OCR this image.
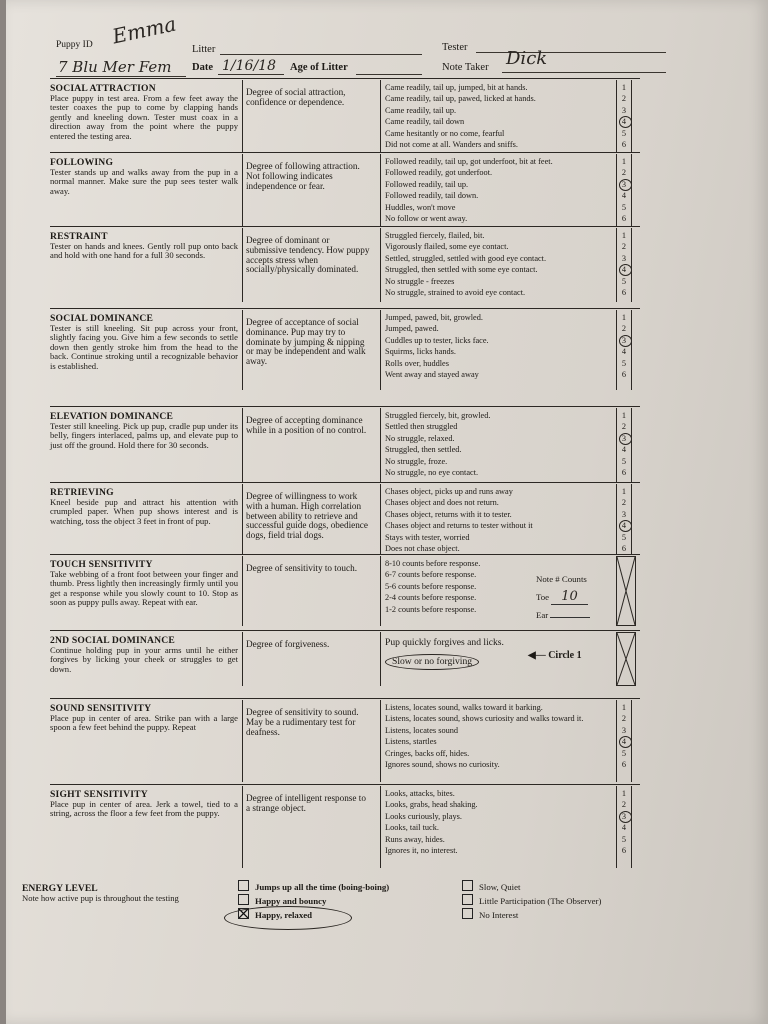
Puppy ID Emma
7 Blu Mer Fem
Litter
Date 1/16/18 Age of Litter
Tester
Note Taker Dick
SOCIAL ATTRACTION
Place puppy in test area. From a few feet away the tester coaxes the pup to come by clapping hands gently and kneeling down. Tester must coax in a direction away from the point where the puppy entered the testing area.
Degree of social attraction, confidence or dependence.
Came readily, tail up, jumped, bit at hands.
Came readily, tail up, pawed, licked at hands.
Came readily, tail up.
Came readily, tail down
Came hesitantly or no come, fearful
Did not come at all. Wanders and sniffs.
1
2
3
4
5
6
FOLLOWING
Tester stands up and walks away from the pup in a normal manner. Make sure the pup sees tester walk away.
Degree of following attraction. Not following indicates independence or fear.
Followed readily, tail up, got underfoot, bit at feet.
Followed readily, got underfoot.
Followed readily, tail up.
Followed readily, tail down.
Huddles, won't move
No follow or went away.
1
2
3
4
5
6
RESTRAINT
Tester on hands and knees. Gently roll pup onto back and hold with one hand for a full 30 seconds.
Degree of dominant or submissive tendency. How puppy accepts stress when socially/physically dominated.
Struggled fiercely, flailed, bit.
Vigorously flailed, some eye contact.
Settled, struggled, settled with good eye contact.
Struggled, then settled with some eye contact.
No struggle - freezes
No struggle, strained to avoid eye contact.
1
2
3
4
5
6
SOCIAL DOMINANCE
Tester is still kneeling. Sit pup across your front, slightly facing you. Give him a few seconds to settle down then gently stroke him from the head to the back. Continue stroking until a recognizable behavior is established.
Degree of acceptance of social dominance. Pup may try to dominate by jumping & nipping or may be independent and walk away.
Jumped, pawed, bit, growled.
Jumped, pawed.
Cuddles up to tester, licks face.
Squirms, licks hands.
Rolls over, huddles
Went away and stayed away
1
2
3
4
5
6
ELEVATION DOMINANCE
Tester still kneeling. Pick up pup, cradle pup under its belly, fingers interlaced, palms up, and elevate pup to just off the ground. Hold there for 30 seconds.
Degree of accepting dominance while in a position of no control.
Struggled fiercely, bit, growled.
Settled then struggled
No struggle, relaxed.
Struggled, then settled.
No struggle, froze.
No struggle, no eye contact.
1
2
3
4
5
6
RETRIEVING
Kneel beside pup and attract his attention with crumpled paper. When pup shows interest and is watching, toss the object 3 feet in front of pup.
Degree of willingness to work with a human. High correlation between ability to retrieve and successful guide dogs, obedience dogs, field trial dogs.
Chases object, picks up and runs away
Chases object and does not return.
Chases object, returns with it to tester.
Chases object and returns to tester without it
Stays with tester, worried
Does not chase object.
1
2
3
4
5
6
TOUCH SENSITIVITY
Take webbing of a front foot between your finger and thumb. Press lightly then increasingly firmly until you get a response while you slowly count to 10. Stop as soon as puppy pulls away. Repeat with ear.
Degree of sensitivity to touch.	8-10 counts before response.
6-7 counts before response.
5-6 counts before response.
2-4 counts before response.
1-2 counts before response.
Note # Counts
Toe 10
Ear
2ND SOCIAL DOMINANCE
Continue holding pup in your arms until he either forgives by licking your cheek or struggles to get down.
Degree of forgiveness.	Pup quickly forgives and licks.
Slow or no forgiving
◀— Circle 1
SOUND SENSITIVITY
Place pup in center of area. Strike pan with a large spoon a few feet behind the puppy. Repeat
Degree of sensitivity to sound. May be a rudimentary test for deafness.
Listens, locates sound, walks toward it barking.
Listens, locates sound, shows curiosity and walks toward it.
Listens, locates sound
Listens, startles
Cringes, backs off, hides.
Ignores sound, shows no curiosity.
1
2
3
4
5
6
SIGHT SENSITIVITY
Place pup in center of area. Jerk a towel, tied to a string, across the floor a few feet from the puppy.
Degree of intelligent response to a strange object.
Looks, attacks, bites.
Looks, grabs, head shaking.
Looks curiously, plays.
Looks, tail tuck.
Runs away, hides.
Ignores it, no interest.
1
2
3
4
5
6
ENERGY LEVEL
Note how active pup is throughout the testing
Jumps up all the time (boing-boing)
Happy and bouncy
Happy, relaxed
Slow, Quiet
Little Participation (The Observer)
No Interest
